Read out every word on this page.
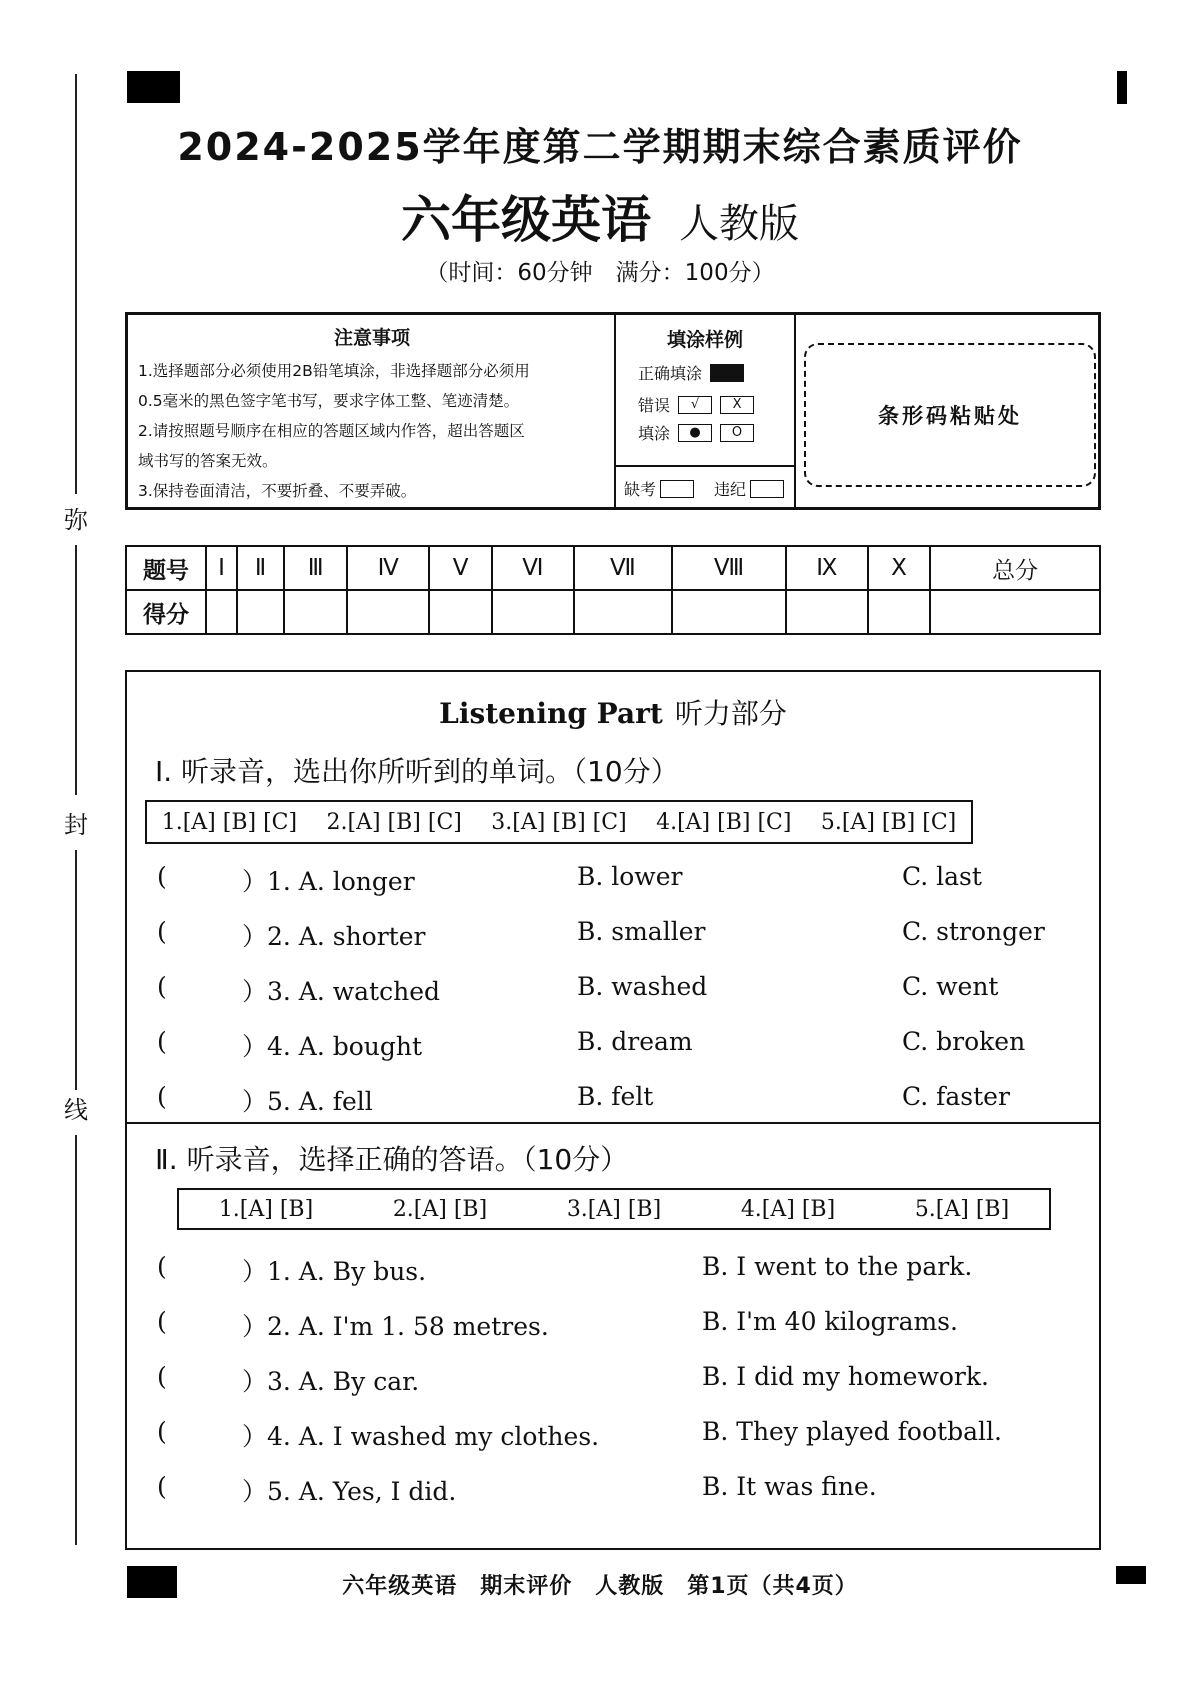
弥
封
线
2024-2025学年度第二学期期末综合素质评价
六年级英语 人教版
（时间：60分钟　满分：100分）
注意事项
1.选择题部分必须使用2B铅笔填涂，非选择题部分必须用
0.5毫米的黑色签字笔书写，要求字体工整、笔迹清楚。
2.请按照题号顺序在相应的答题区域内作答，超出答题区
域书写的答案无效。
3.保持卷面清洁，不要折叠、不要弄破。
填涂样例
正确填涂
错误	√	X
填涂	●	O
缺考	违纪
条形码粘贴处
题号	Ⅰ	Ⅱ	Ⅲ	Ⅳ	Ⅴ	Ⅵ	Ⅶ	Ⅷ	Ⅸ	Ⅹ	总分
得分											
Listening Part 听力部分
Ⅰ. 听录音，选出你所听到的单词。（10分）
1.[A] [B] [C] 2.[A] [B] [C] 3.[A] [B] [C] 4.[A] [B] [C] 5.[A] [B] [C]
(	）1. A. longer	B. lower	C. last
(	）2. A. shorter	B. smaller	C. stronger
(	）3. A. watched	B. washed	C. went
(	）4. A. bought	B. dream	C. broken
(	）5. A. fell	B. felt	C. faster
Ⅱ. 听录音，选择正确的答语。（10分）
1.[A] [B]	2.[A] [B]	3.[A] [B]	4.[A] [B]	5.[A] [B]
(	）1. A. By bus.	B. I went to the park.
(	）2. A. I'm 1. 58 metres.	B. I'm 40 kilograms.
(	）3. A. By car.	B. I did my homework.
(	）4. A. I washed my clothes.	B. They played football.
(	）5. A. Yes, I did.	B. It was fine.
六年级英语　期末评价　人教版　第1页（共4页）
